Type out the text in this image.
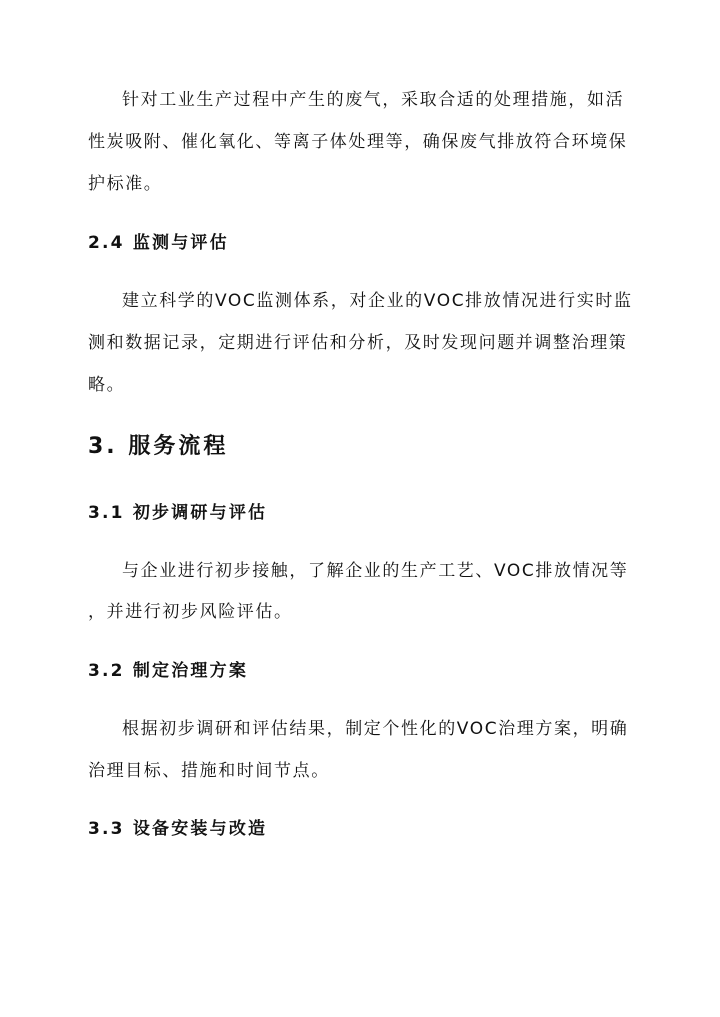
针对工业生产过程中产生的废气，采取合适的处理措施，如活
性炭吸附、催化氧化、等离子体处理等，确保废气排放符合环境保
护标准。
2.4 监测与评估
建立科学的VOC监测体系，对企业的VOC排放情况进行实时监
测和数据记录，定期进行评估和分析，及时发现问题并调整治理策
略。
3. 服务流程
3.1 初步调研与评估
与企业进行初步接触，了解企业的生产工艺、VOC排放情况等
，并进行初步风险评估。
3.2 制定治理方案
根据初步调研和评估结果，制定个性化的VOC治理方案，明确
治理目标、措施和时间节点。
3.3 设备安装与改造
